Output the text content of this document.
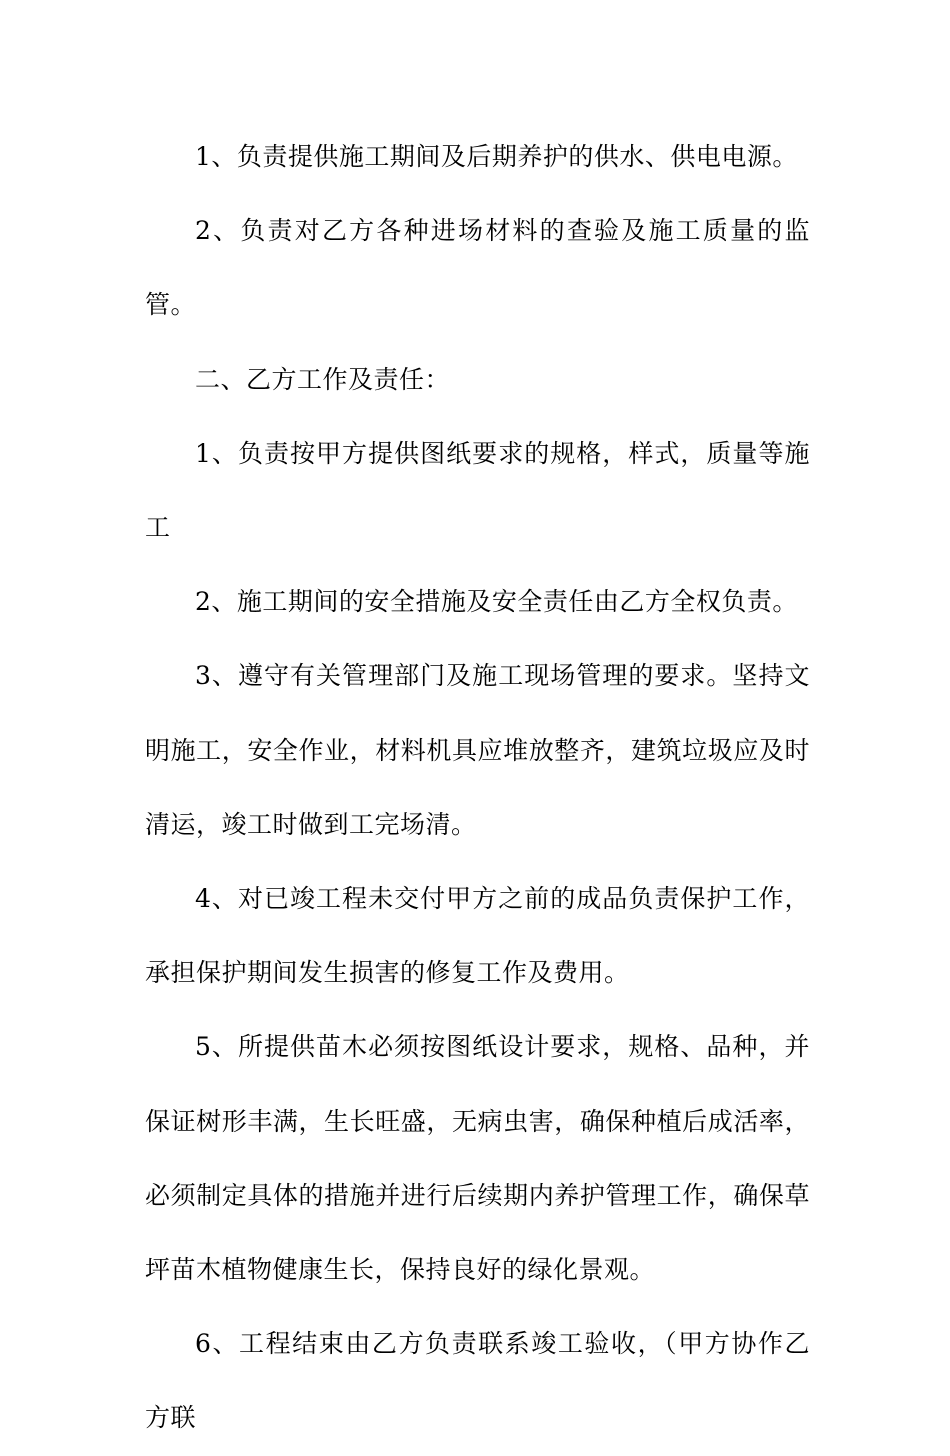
1、负责提供施工期间及后期养护的供水、供电电源。

2、负责对乙方各种进场材料的查验及施工质量的监管。

二、乙方工作及责任：

1、负责按甲方提供图纸要求的规格，样式，质量等施工

2、施工期间的安全措施及安全责任由乙方全权负责。

3、遵守有关管理部门及施工现场管理的要求。坚持文明施工，安全作业，材料机具应堆放整齐，建筑垃圾应及时清运，竣工时做到工完场清。

4、对已竣工程未交付甲方之前的成品负责保护工作，承担保护期间发生损害的修复工作及费用。

5、所提供苗木必须按图纸设计要求，规格、品种，并保证树形丰满，生长旺盛，无病虫害，确保种植后成活率，必须制定具体的措施并进行后续期内养护管理工作，确保草坪苗木植物健康生长，保持良好的绿化景观。

6、工程结束由乙方负责联系竣工验收，（甲方协作乙方联
